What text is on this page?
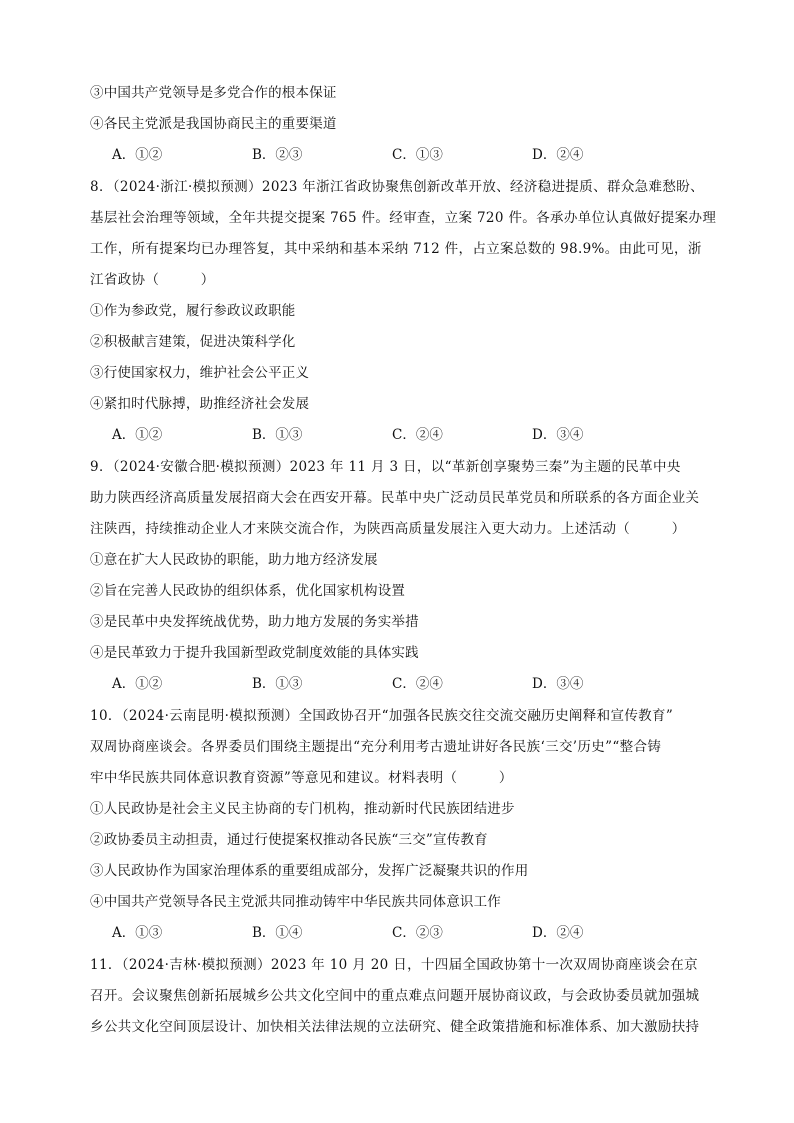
③中国共产党领导是多党合作的根本保证
④各民主党派是我国协商民主的重要渠道
A．①②	B．②③	C．①③	D．②④
8．（2024·浙江·模拟预测）2023 年浙江省政协聚焦创新改革开放、经济稳进提质、群众急难愁盼、
基层社会治理等领域，全年共提交提案 765 件。经审查，立案 720 件。各承办单位认真做好提案办理
工作，所有提案均已办理答复，其中采纳和基本采纳 712 件，占立案总数的 98.9%。由此可见，浙
江省政协（　　　）
①作为参政党，履行参政议政职能
②积极献言建策，促进决策科学化
③行使国家权力，维护社会公平正义
④紧扣时代脉搏，助推经济社会发展
A．①②	B．①③	C．②④	D．③④
9．（2024·安徽合肥·模拟预测）2023 年 11 月 3 日，以“革新创享聚势三秦”为主题的民革中央
助力陕西经济高质量发展招商大会在西安开幕。民革中央广泛动员民革党员和所联系的各方面企业关
注陕西，持续推动企业人才来陕交流合作，为陕西高质量发展注入更大动力。上述活动（　　　）
①意在扩大人民政协的职能，助力地方经济发展
②旨在完善人民政协的组织体系，优化国家机构设置
③是民革中央发挥统战优势，助力地方发展的务实举措
④是民革致力于提升我国新型政党制度效能的具体实践
A．①②	B．①③	C．②④	D．③④
10．（2024·云南昆明·模拟预测）全国政协召开“加强各民族交往交流交融历史阐释和宣传教育”
双周协商座谈会。各界委员们围绕主题提出“充分利用考古遗址讲好各民族‘三交’历史”“整合铸
牢中华民族共同体意识教育资源”等意见和建议。材料表明（　　　）
①人民政协是社会主义民主协商的专门机构，推动新时代民族团结进步
②政协委员主动担责，通过行使提案权推动各民族“三交”宣传教育
③人民政协作为国家治理体系的重要组成部分，发挥广泛凝聚共识的作用
④中国共产党领导各民主党派共同推动铸牢中华民族共同体意识工作
A．①③	B．①④	C．②③	D．②④
11．（2024·吉林·模拟预测）2023 年 10 月 20 日，十四届全国政协第十一次双周协商座谈会在京
召开。会议聚焦创新拓展城乡公共文化空间中的重点难点问题开展协商议政，与会政协委员就加强城
乡公共文化空间顶层设计、加快相关法律法规的立法研究、健全政策措施和标准体系、加大激励扶持
